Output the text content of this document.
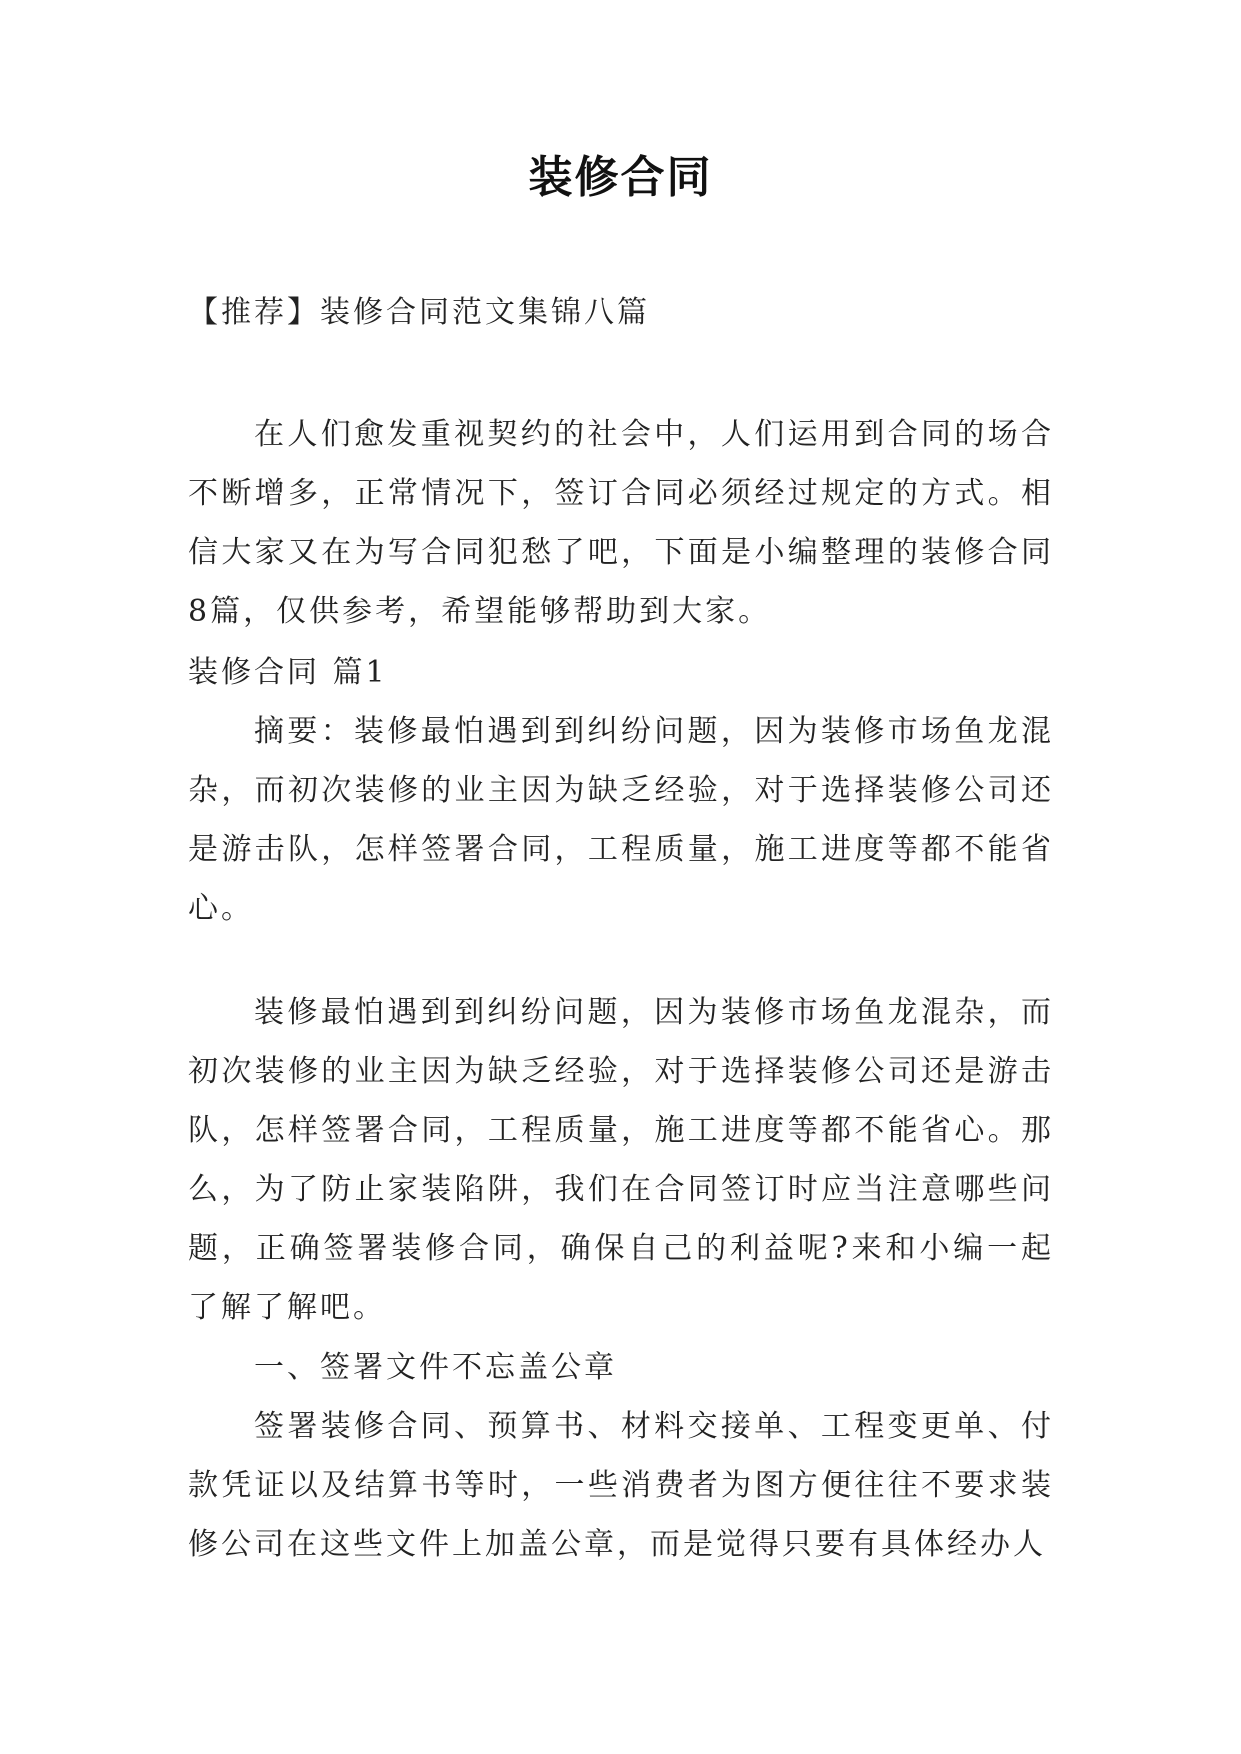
装修合同
【推荐】装修合同范文集锦八篇

在人们愈发重视契约的社会中，人们运用到合同的场合不断增多，正常情况下，签订合同必须经过规定的方式。相信大家又在为写合同犯愁了吧，下面是小编整理的装修合同8篇，仅供参考，希望能够帮助到大家。

装修合同 篇1

摘要：装修最怕遇到到纠纷问题，因为装修市场鱼龙混杂，而初次装修的业主因为缺乏经验，对于选择装修公司还是游击队，怎样签署合同，工程质量，施工进度等都不能省心。

装修最怕遇到到纠纷问题，因为装修市场鱼龙混杂，而初次装修的业主因为缺乏经验，对于选择装修公司还是游击队，怎样签署合同，工程质量，施工进度等都不能省心。那么，为了防止家装陷阱，我们在合同签订时应当注意哪些问题，正确签署装修合同，确保自己的利益呢?来和小编一起了解了解吧。

一、签署文件不忘盖公章

签署装修合同、预算书、材料交接单、工程变更单、付款凭证以及结算书等时，一些消费者为图方便往往不要求装修公司在这些文件上加盖公章，而是觉得只要有具体经办人
